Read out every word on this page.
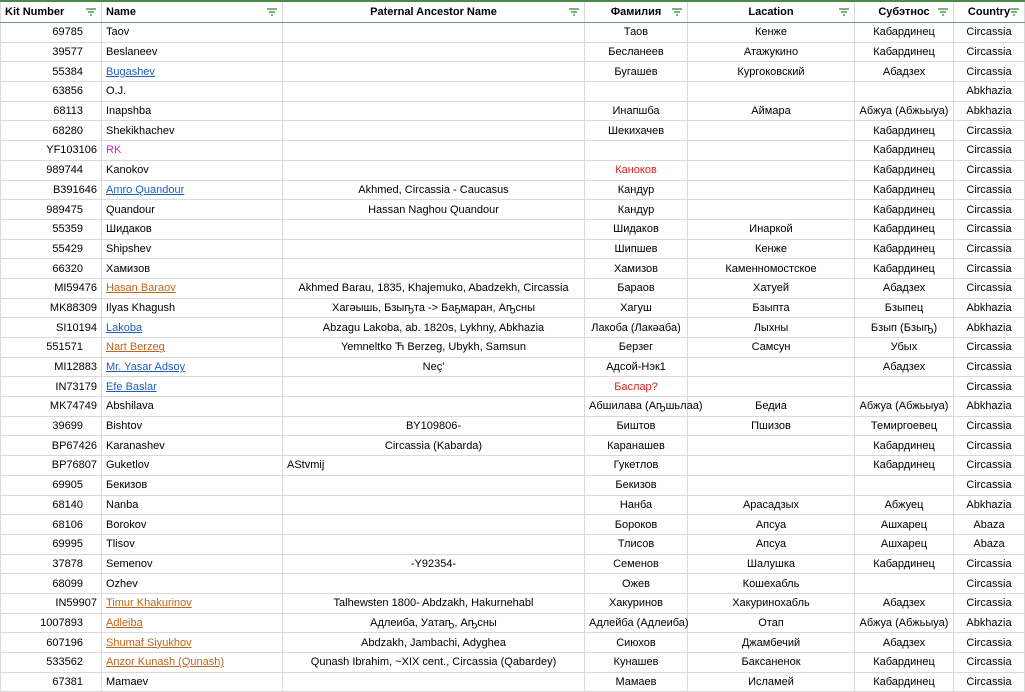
Kit Number	Name	Paternal Ancestor Name	Фамилия	Lacation	Субэтнос	Country

69785	Taov		Таов	Кенже	Кабардинец	Circassia
39577	Beslaneev		Бесланеев	Атажукино	Кабардинец	Circassia
55384	Bugashev		Бугашев	Кургоковский	Абадзех	Circassia
63856	O.J.					Abkhazia
68113	Inapshba		Инапшба	Аймара	Абжуа (Абжьыуа)	Abkhazia
68280	Shekikhachev		Шекихачев		Кабардинец	Circassia
YF103106	RK				Кабардинец	Circassia
989744	Kanokov		Каноков		Кабардинец	Circassia
B391646	Amro Quandour	Akhmed, Circassia - Caucasus	Кандур		Кабардинец	Circassia
989475	Quandour	Hassan Naghou Quandour	Кандур		Кабардинец	Circassia
55359	Шидаков		Шидаков	Инаркой	Кабардинец	Circassia
55429	Shipshev		Шипшев	Кенже	Кабардинец	Circassia
66320	Хамизов		Хамизов	Каменномостское	Кабардинец	Circassia
MI59476	Hasan Baraov	Akhmed Barau, 1835, Khajemuko, Abadzekh, Circassia	Бараов	Хатуей	Абадзех	Circassia
MK88309	Ilyas Khagush	Хагәышь, Бзыҧта -> Баҕмаран, Аҧсны	Хагуш	Бзыпта	Бзыпец	Abkhazia
SI10194	Lakoba	Abzagu Lakoba, ab. 1820s, Lykhny, Abkhazia	Лакоба (Лакәаба)	Лыхны	Бзып (Бзыҧ)	Abkhazia
551571	Nart Berzeg	Yemneltko Ћ Berzeg, Ubykh, Samsun	Берзег	Самсун	Убых	Circassia
MI12883	Mr. Yasar Adsoy	Neç'	Адсой-Нэк1		Абадзех	Circassia
IN73179	Efe Baslar		Баслар?			Circassia
MK74749	Abshilava		Абшилава (Аҧшьлаа)	Бедиа	Абжуа (Абжьыуа)	Abkhazia
39699	Bishtov	BY109806-	Биштов	Пшизов	Темиргоевец	Circassia
BP67426	Karanashev	Circassia (Kabarda)	Каранашев		Кабардинец	Circassia
BP76807	Guketlov	AStvmij	Гукетлов		Кабардинец	Circassia
69905	Бекизов		Бекизов			Circassia
68140	Nanba		Нанба	Арасадзых	Абжуец	Abkhazia
68106	Borokov		Бороков	Апсуа	Ашхарец	Abaza
69995	Tlisov		Тлисов	Апсуа	Ашхарец	Abaza
37878	Semenov	-Y92354-	Семенов	Шалушка	Кабардинец	Circassia
68099	Ozhev		Ожев	Кошехабль		Circassia
IN59907	Timur Khakurinov	Talhewsten 1800- Abdzakh, Hakurnehabl	Хакуринов	Хакуринохабль	Абадзех	Circassia
1007893	Adleiba	Адлеиба, Уатаҧ, Аҧсны	Адлейба (Адлеиба)	Отап	Абжуа (Абжьыуа)	Abkhazia
607196	Shumaf Siyukhov	Abdzakh, Jambachi, Adyghea	Сиюхов	Джамбечий	Абадзех	Circassia
533562	Anzor Kunash (Qunash)	Qunash Ibrahim, ~XIX cent., Circassia (Qabardey)	Кунашев	Баксаненок	Кабардинец	Circassia
67381	Mamaev		Мамаев	Исламей	Кабардинец	Circassia
